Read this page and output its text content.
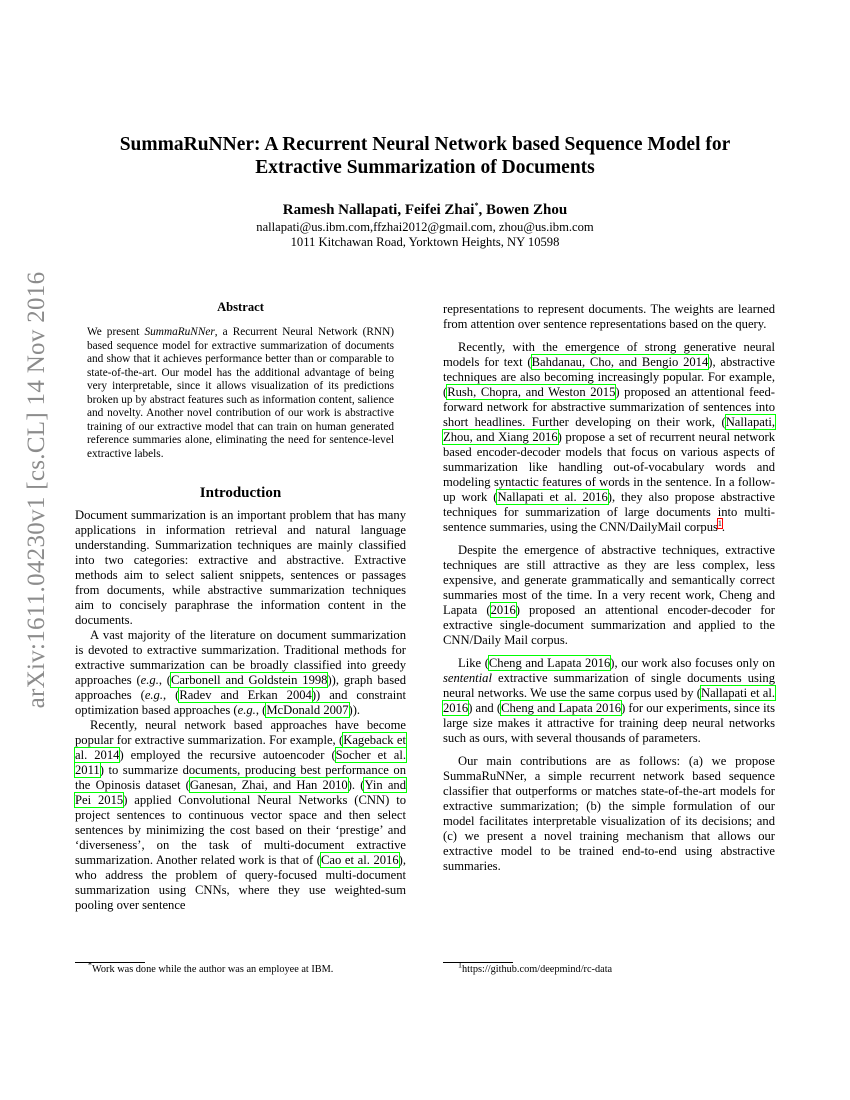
arXiv:1611.04230v1 [cs.CL] 14 Nov 2016
SummaRuNNer: A Recurrent Neural Network based Sequence Model for
Extractive Summarization of Documents
Ramesh Nallapati, Feifei Zhai*, Bowen Zhou
nallapati@us.ibm.com,ffzhai2012@gmail.com, zhou@us.ibm.com
1011 Kitchawan Road, Yorktown Heights, NY 10598
Abstract
We present SummaRuNNer, a Recurrent Neural Network (RNN) based sequence model for extractive summarization of documents and show that it achieves performance better than or comparable to state-of-the-art. Our model has the additional advantage of being very interpretable, since it allows visualization of its predictions broken up by abstract features such as information content, salience and novelty. Another novel contribution of our work is abstractive training of our extractive model that can train on human generated reference summaries alone, eliminating the need for sentence-level extractive labels.
Introduction

Document summarization is an important problem that has many applications in information retrieval and natural language understanding. Summarization techniques are mainly classified into two categories: extractive and abstractive. Extractive methods aim to select salient snippets, sentences or passages from documents, while abstractive summarization techniques aim to concisely paraphrase the information content in the documents.

A vast majority of the literature on document summarization is devoted to extractive summarization. Traditional methods for extractive summarization can be broadly classified into greedy approaches (e.g., (Carbonell and Goldstein 1998)), graph based approaches (e.g., (Radev and Erkan 2004)) and constraint optimization based approaches (e.g., (McDonald 2007)).

Recently, neural network based approaches have become popular for extractive summarization. For example, (Kageback et al. 2014) employed the recursive autoencoder (Socher et al. 2011) to summarize documents, producing best performance on the Opinosis dataset (Ganesan, Zhai, and Han 2010). (Yin and Pei 2015) applied Convolutional Neural Networks (CNN) to project sentences to continuous vector space and then select sentences by minimizing the cost based on their ‘prestige’ and ‘diverseness’, on the task of multi-document extractive summarization. Another related work is that of (Cao et al. 2016), who address the problem of query-focused multi-document summarization using CNNs, where they use weighted-sum pooling over sentence

representations to represent documents. The weights are learned from attention over sentence representations based on the query.

Recently, with the emergence of strong generative neural models for text (Bahdanau, Cho, and Bengio 2014), abstractive techniques are also becoming increasingly popular. For example, (Rush, Chopra, and Weston 2015) proposed an attentional feed-forward network for abstractive summarization of sentences into short headlines. Further developing on their work, (Nallapati, Zhou, and Xiang 2016) propose a set of recurrent neural network based encoder-decoder models that focus on various aspects of summarization like handling out-of-vocabulary words and modeling syntactic features of words in the sentence. In a follow-up work (Nallapati et al. 2016), they also propose abstractive techniques for summarization of large documents into multi-sentence summaries, using the CNN/DailyMail corpus$^1$.

Despite the emergence of abstractive techniques, extractive techniques are still attractive as they are less complex, less expensive, and generate grammatically and semantically correct summaries most of the time. In a very recent work, Cheng and Lapata (2016) proposed an attentional encoder-decoder for extractive single-document summarization and applied to the CNN/Daily Mail corpus.

Like (Cheng and Lapata 2016), our work also focuses only on sentential extractive summarization of single documents using neural networks. We use the same corpus used by (Nallapati et al. 2016) and (Cheng and Lapata 2016) for our experiments, since its large size makes it attractive for training deep neural networks such as ours, with several thousands of parameters.

Our main contributions are as follows: (a) we propose SummaRuNNer, a simple recurrent network based sequence classifier that outperforms or matches state-of-the-art models for extractive summarization; (b) the simple formulation of our model facilitates interpretable visualization of its decisions; and (c) we present a novel training mechanism that allows our extractive model to be trained end-to-end using abstractive summaries.

*Work was done while the author was an employee at IBM.	$^1$https://github.com/deepmind/rc-data
